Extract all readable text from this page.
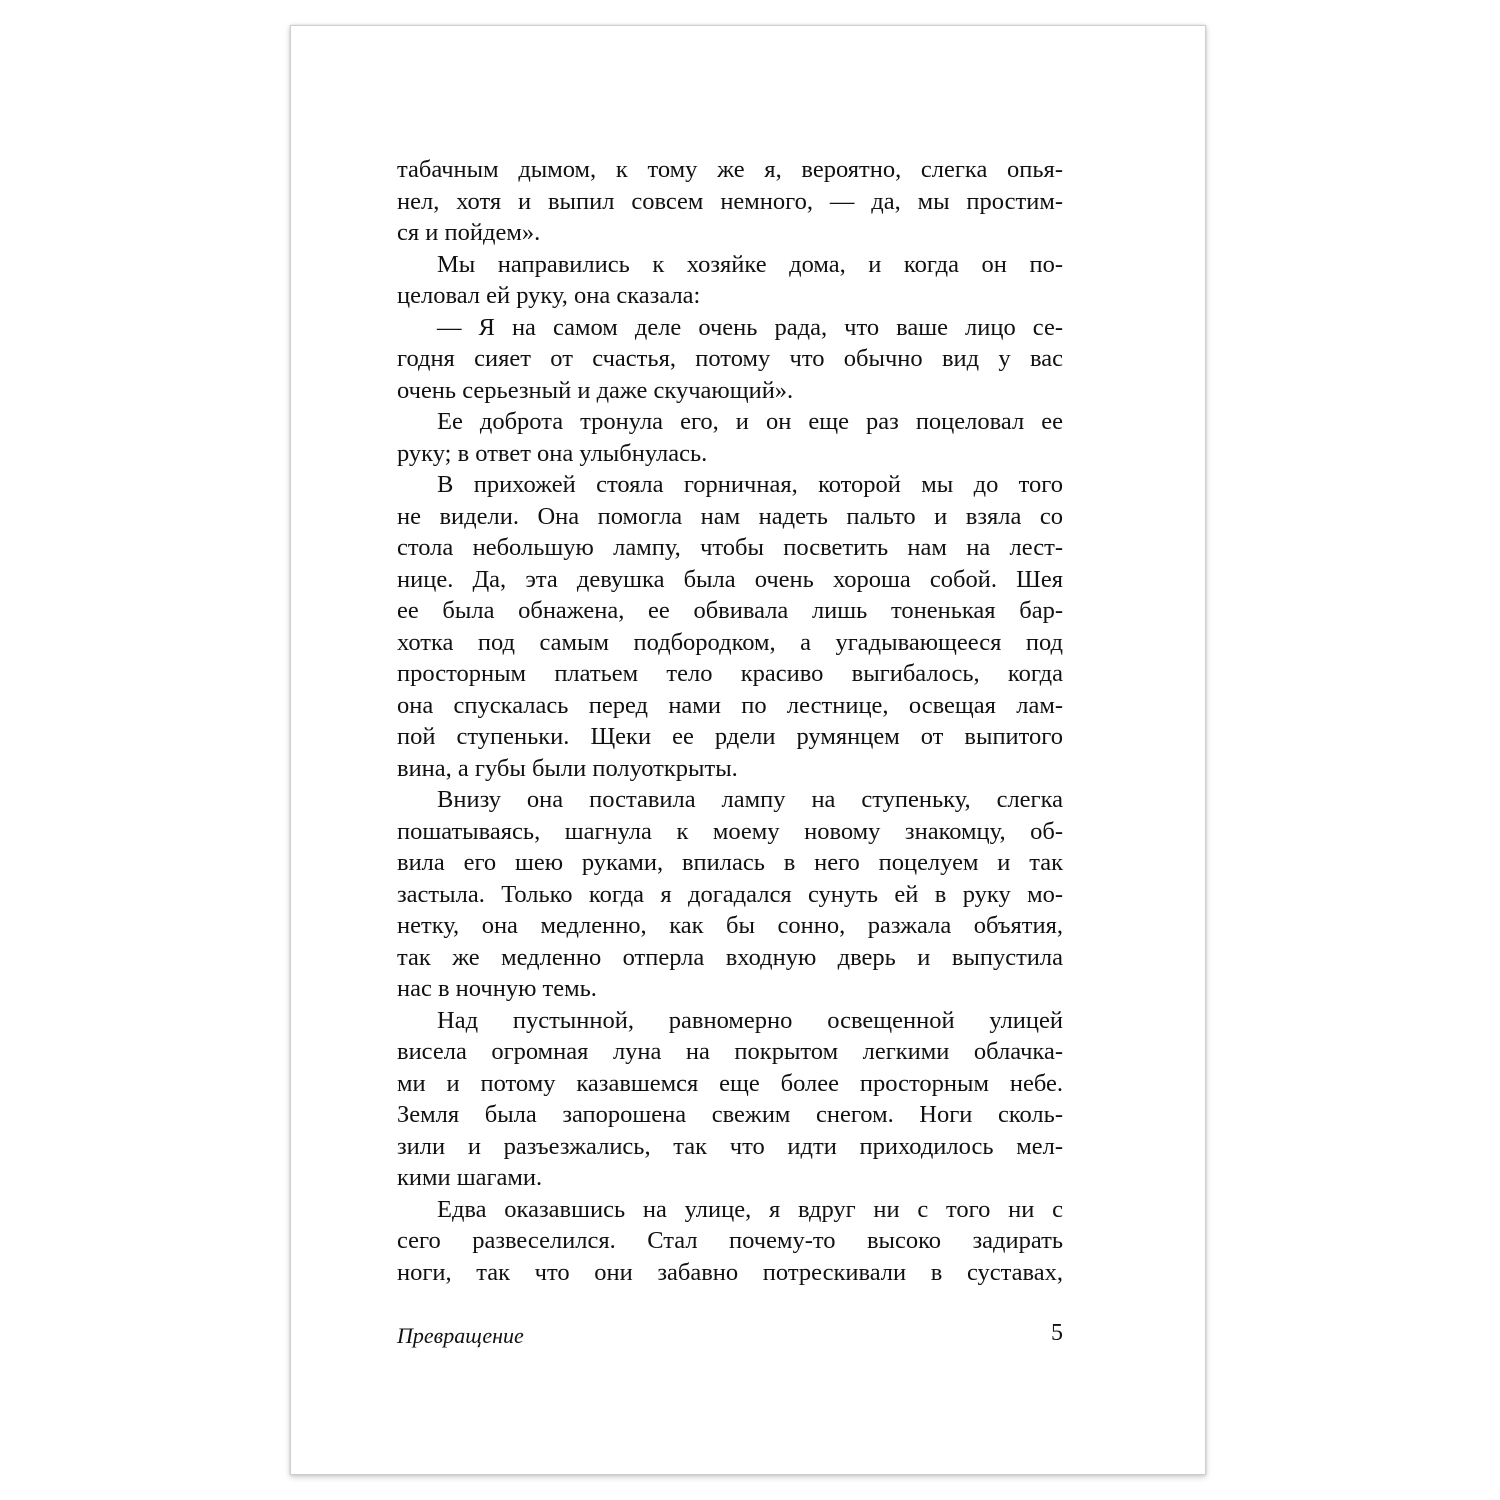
табачным дымом, к тому же я, вероятно, слегка опья-
нел, хотя и выпил совсем немного, — да, мы простим-
ся и пойдем».
Мы направились к хозяйке дома, и когда он по-
целовал ей руку, она сказала:
— Я на самом деле очень рада, что ваше лицо се-
годня сияет от счастья, потому что обычно вид у вас
очень серьезный и даже скучающий».
Ее доброта тронула его, и он еще раз поцеловал ее
руку; в ответ она улыбнулась.
В прихожей стояла горничная, которой мы до того
не видели. Она помогла нам надеть пальто и взяла со
стола небольшую лампу, чтобы посветить нам на лест-
нице. Да, эта девушка была очень хороша собой. Шея
ее была обнажена, ее обвивала лишь тоненькая бар-
хотка под самым подбородком, а угадывающееся под
просторным платьем тело красиво выгибалось, когда
она спускалась перед нами по лестнице, освещая лам-
пой ступеньки. Щеки ее рдели румянцем от выпитого
вина, а губы были полуоткрыты.
Внизу она поставила лампу на ступеньку, слегка
пошатываясь, шагнула к моему новому знакомцу, об-
вила его шею руками, впилась в него поцелуем и так
застыла. Только когда я догадался сунуть ей в руку мо-
нетку, она медленно, как бы сонно, разжала объятия,
так же медленно отперла входную дверь и выпустила
нас в ночную темь.
Над пустынной, равномерно освещенной улицей
висела огромная луна на покрытом легкими облачка-
ми и потому казавшемся еще более просторным небе.
Земля была запорошена свежим снегом. Ноги сколь-
зили и разъезжались, так что идти приходилось мел-
кими шагами.
Едва оказавшись на улице, я вдруг ни с того ни с
сего развеселился. Стал почему-то высоко задирать
ноги, так что они забавно потрескивали в суставах,
Превращение	5
